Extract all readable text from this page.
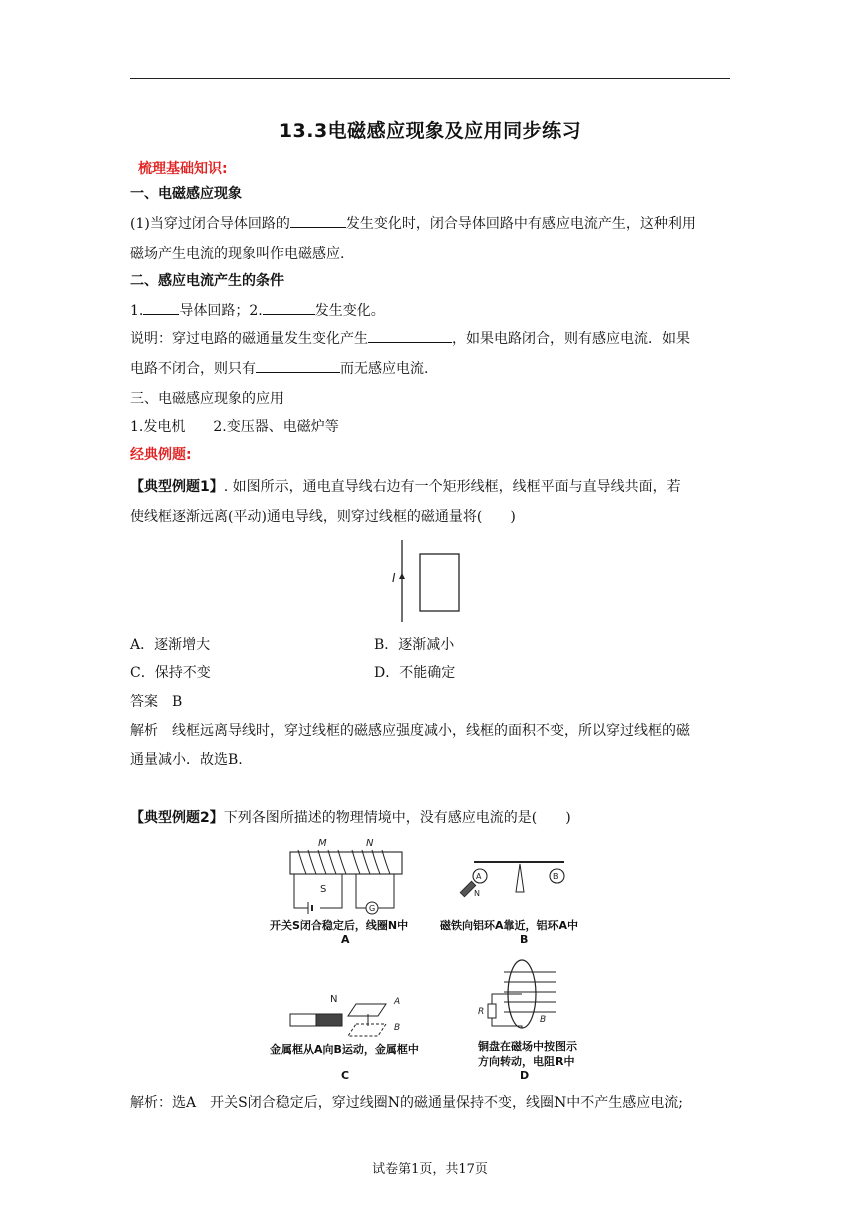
13.3电磁感应现象及应用同步练习
梳理基础知识:
一、电磁感应现象
(1)当穿过闭合导体回路的	发生变化时，闭合导体回路中有感应电流产生，这种利用
磁场产生电流的现象叫作电磁感应.
二、感应电流产生的条件
1.	导体回路；2.	发生变化。
说明：穿过电路的磁通量发生变化产生	，如果电路闭合，则有感应电流．如果
电路不闭合，则只有	而无感应电流.
三、电磁感应现象的应用
1.发电机 2.变压器、电磁炉等
经典例题:
【典型例题1】. 如图所示，通电直导线右边有一个矩形线框，线框平面与直导线共面，若
使线框逐渐远离(平动)通电导线，则穿过线框的磁通量将(　　)
I
A．逐渐增大	B．逐渐减小
C．保持不变	D．不能确定
答案　B
解析　线框远离导线时，穿过线框的磁感应强度减小，线框的面积不变，所以穿过线框的磁
通量减小．故选B.
【典型例题2】下列各图所描述的物理情境中，没有感应电流的是(　　)
M	N
S
G
开关S闭合稳定后，线圈N中
A
A	B
N
磁铁向铝环A靠近，铝环A中
B
N	A
B
金属框从A向B运动，金属框中
C
R
B
铜盘在磁场中按图示
方向转动，电阻R中
D
解析：选A　开关S闭合稳定后，穿过线圈N的磁通量保持不变，线圈N中不产生感应电流;
试卷第1页，共17页
